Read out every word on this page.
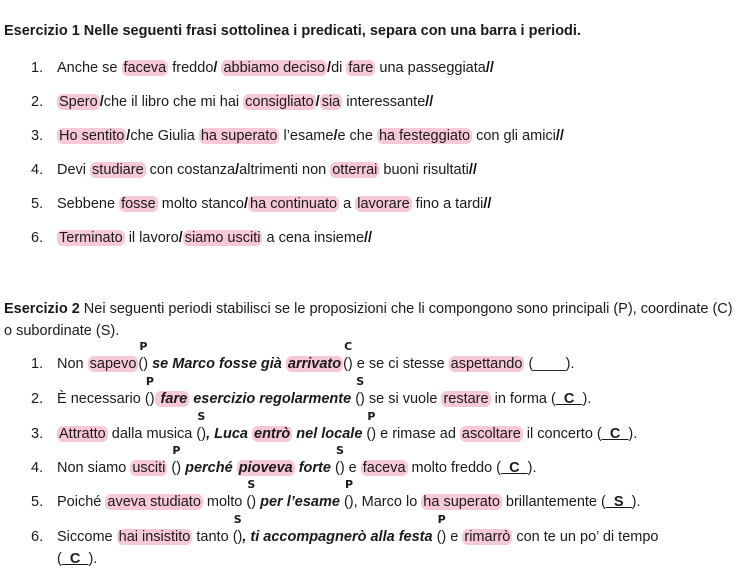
Esercizio 1 Nelle seguenti frasi sottolinea i predicati, separa con una barra i periodi.
1. Anche se faceva freddo/ abbiamo deciso /di fare una passeggiata//
2. Spero /che il libro che mi hai consigliato / sia interessante//
3. Ho sentito /che Giulia ha superato l’esame/e che ha festeggiato con gli amici//
4. Devi studiare con costanza/altrimenti non otterrai buoni risultati//
5. Sebbene fosse molto stanco/ ha continuato a lavorare fino a tardi//
6. Terminato il lavoro/ siamo usciti a cena insieme//
Esercizio 2 Nei seguenti periodi stabilisci se le proposizioni che li compongono sono principali (P), coordinate (C) o subordinate (S).
1. Non sapevo ()
P
se Marco fosse già arrivato ()
C
e se ci stesse aspettando (____).
2. È necessario ()
P
fare esercizio regolarmente ()
S
se si vuole restare in forma (_C_).
3. Attratto dalla musica ()
S
, Luca entrò nel locale ()
P
e rimase ad ascoltare il concerto (_C_).
4. Non siamo usciti ()
P
perché pioveva forte ()
S
e faceva molto freddo (_C_).
5. Poiché aveva studiato molto ()
S
per l’esame ()
P
, Marco lo ha superato brillantemente (_S_).
6. Siccome hai insistito tanto ()
S
, ti accompagnerò alla festa ()
P
e rimarrò con te un po’ di tempo
(_C_).
